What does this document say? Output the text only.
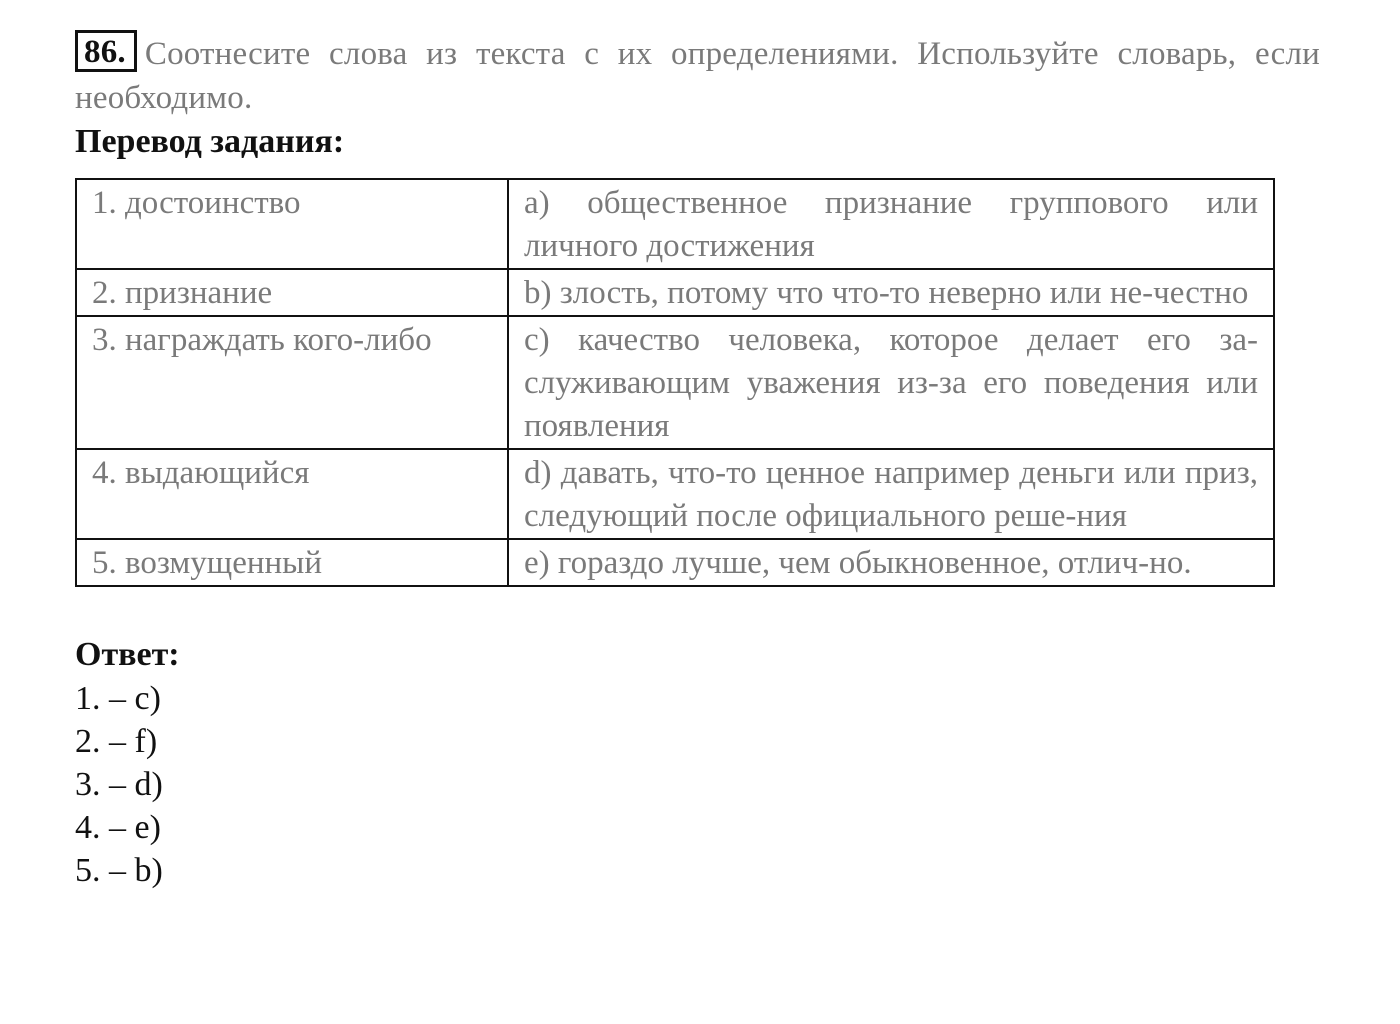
86. Соотнесите слова из текста с их определениями. Используйте словарь, если необходимо.
Перевод задания:
1. достоинство	a) общественное признание группового или личного достижения
2. признание	b) злость, потому что что-то неверно или не-честно
3. награждать кого-либо	c) качество человека, которое делает его за-служивающим уважения из-за его поведения или появления
4. выдающийся	d) давать, что-то ценное например деньги или приз, следующий после официального реше-ния
5. возмущенный	e) гораздо лучше, чем обыкновенное, отлич-но.
Ответ:
1. – c)
2. – f)
3. – d)
4. – e)
5. – b)
